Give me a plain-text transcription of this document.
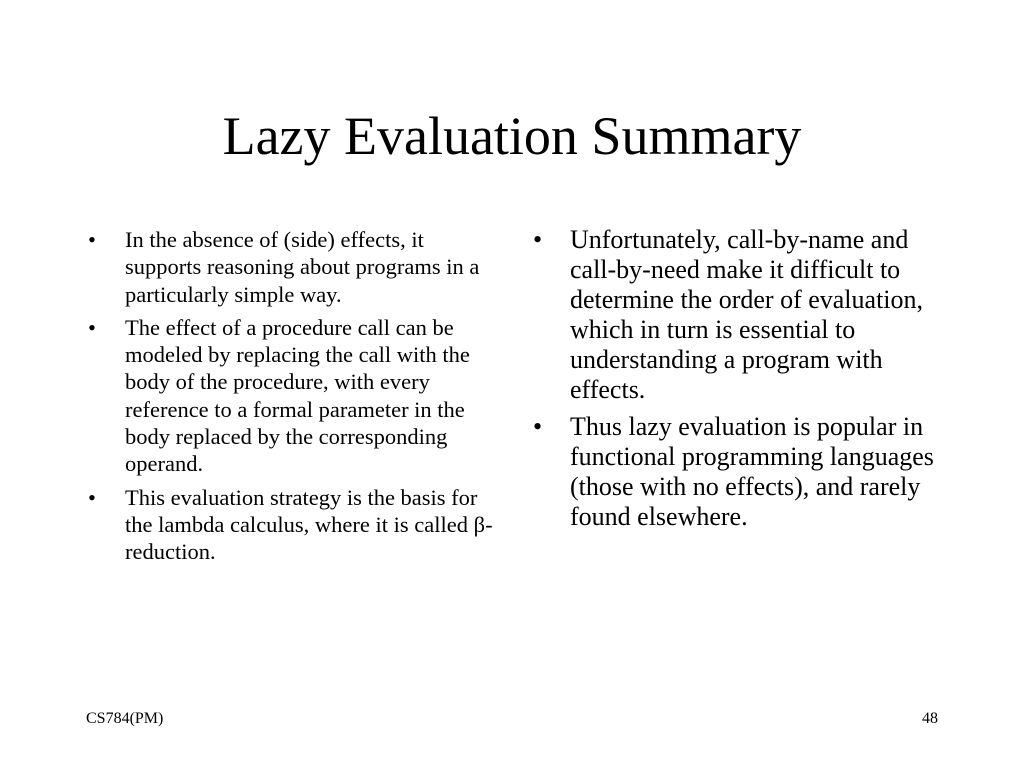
Lazy Evaluation Summary
• In the absence of (side) effects, it supports reasoning about programs in a particularly simple way.
• The effect of a procedure call can be modeled by replacing the call with the body of the procedure, with every reference to a formal parameter in the body replaced by the corresponding operand.
• This evaluation strategy is the basis for the lambda calculus, where it is called β-reduction.
• Unfortunately, call-by-name and call-by-need make it difficult to determine the order of evaluation, which in turn is essential to understanding a program with effects.
• Thus lazy evaluation is popular in functional programming languages (those with no effects), and rarely found elsewhere.
CS784(PM)	48
